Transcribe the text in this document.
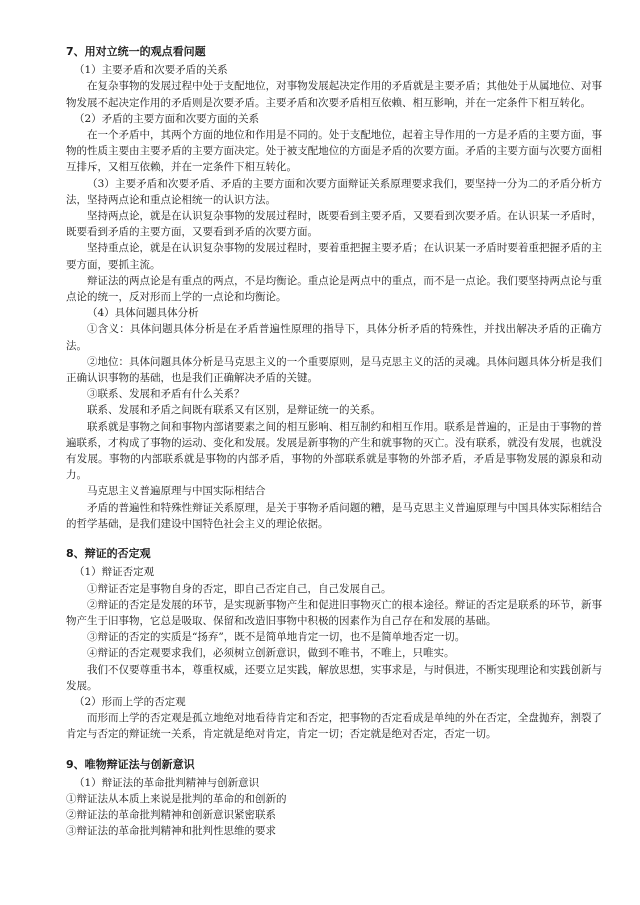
7、用对立统一的观点看问题

（1）主要矛盾和次要矛盾的关系

在复杂事物的发展过程中处于支配地位，对事物发展起决定作用的矛盾就是主要矛盾；其他处于从属地位、对事物发展不起决定作用的矛盾则是次要矛盾。主要矛盾和次要矛盾相互依赖、相互影响，并在一定条件下相互转化。

（2）矛盾的主要方面和次要方面的关系

在一个矛盾中，其两个方面的地位和作用是不同的。处于支配地位，起着主导作用的一方是矛盾的主要方面，事物的性质主要由主要矛盾的主要方面决定。处于被支配地位的方面是矛盾的次要方面。矛盾的主要方面与次要方面相互排斥，又相互依赖，并在一定条件下相互转化。

（3）主要矛盾和次要矛盾、矛盾的主要方面和次要方面辩证关系原理要求我们，要坚持一分为二的矛盾分析方法，坚持两点论和重点论相统一的认识方法。

坚持两点论，就是在认识复杂事物的发展过程时，既要看到主要矛盾，又要看到次要矛盾。在认识某一矛盾时，既要看到矛盾的主要方面，又要看到矛盾的次要方面。

坚持重点论，就是在认识复杂事物的发展过程时，要着重把握主要矛盾；在认识某一矛盾时要着重把握矛盾的主要方面，要抓主流。

辩证法的两点论是有重点的两点，不是均衡论。重点论是两点中的重点，而不是一点论。我们要坚持两点论与重点论的统一，反对形而上学的一点论和均衡论。

（4）具体问题具体分析

①含义：具体问题具体分析是在矛盾普遍性原理的指导下，具体分析矛盾的特殊性，并找出解决矛盾的正确方法。

②地位：具体问题具体分析是马克思主义的一个重要原则，是马克思主义的活的灵魂。具体问题具体分析是我们正确认识事物的基础，也是我们正确解决矛盾的关键。

③联系、发展和矛盾有什么关系？

联系、发展和矛盾之间既有联系又有区别，是辩证统一的关系。

联系就是事物之间和事物内部诸要素之间的相互影响、相互制约和相互作用。联系是普遍的，正是由于事物的普遍联系，才构成了事物的运动、变化和发展。发展是新事物的产生和就事物的灭亡。没有联系，就没有发展，也就没有发展。事物的内部联系就是事物的内部矛盾，事物的外部联系就是事物的外部矛盾，矛盾是事物发展的源泉和动力。

马克思主义普遍原理与中国实际相结合

矛盾的普遍性和特殊性辩证关系原理，是关于事物矛盾问题的糟，是马克思主义普遍原理与中国具体实际相结合的哲学基础，是我们建设中国特色社会主义的理论依据。

8、辩证的否定观

（1）辩证否定观

①辩证否定是事物自身的否定，即自己否定自己，自己发展自己。

②辩证的否定是发展的环节，是实现新事物产生和促进旧事物灭亡的根本途径。辩证的否定是联系的环节，新事物产生于旧事物，它总是吸取、保留和改造旧事物中积极的因素作为自己存在和发展的基础。

③辩证的否定的实质是“扬弃”，既不是简单地肯定一切，也不是简单地否定一切。

④辩证的否定观要求我们，必须树立创新意识，做到不唯书，不唯上，只唯实。

我们不仅要尊重书本，尊重权威，还要立足实践，解放思想，实事求是，与时俱进，不断实现理论和实践创新与发展。

（2）形而上学的否定观

而形而上学的否定观是孤立地绝对地看待肯定和否定，把事物的否定看成是单纯的外在否定，全盘抛弃，割裂了肯定与否定的辩证统一关系，肯定就是绝对肯定，肯定一切；否定就是绝对否定，否定一切。

9、唯物辩证法与创新意识

（1）辩证法的革命批判精神与创新意识

①辩证法从本质上来说是批判的革命的和创新的

②辩证法的革命批判精神和创新意识紧密联系

③辩证法的革命批判精神和批判性思维的要求
